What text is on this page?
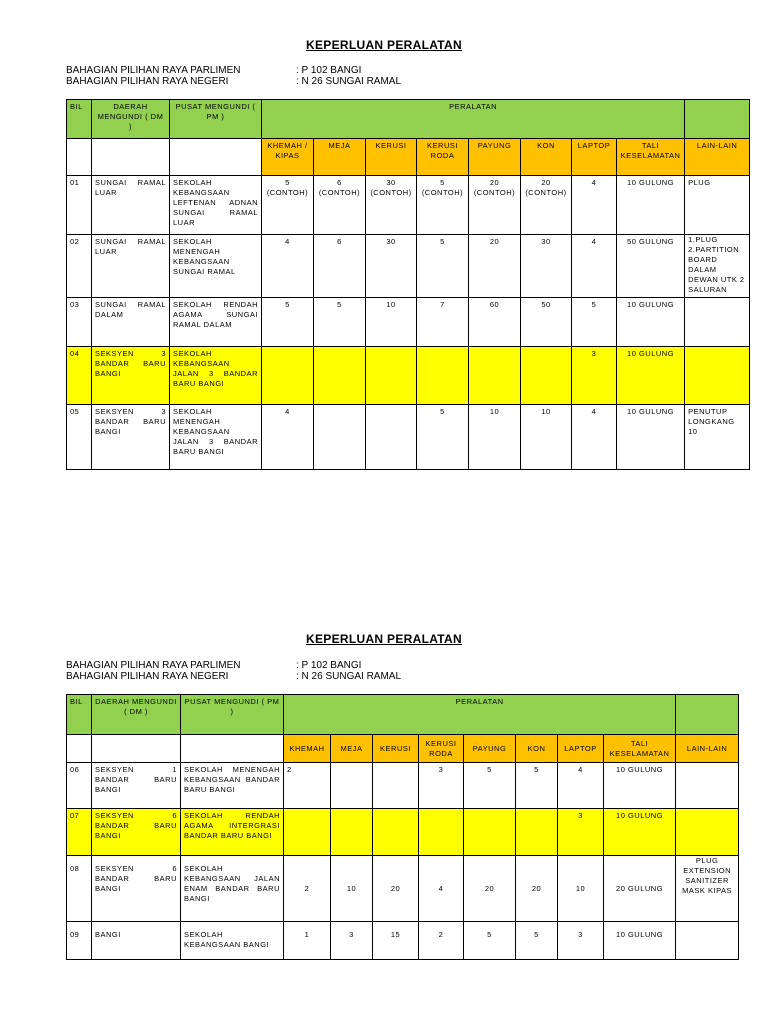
KEPERLUAN PERALATAN
BAHAGIAN PILIHAN RAYA PARLIMEN	: P 102 BANGI
BAHAGIAN PILIHAN RAYA NEGERI	: N 26 SUNGAI RAMAL
BIL	DAERAH MENGUNDI ( DM )	PUSAT MENGUNDI ( PM )	PERALATAN								
			KHEMAH / KIPAS	MEJA	KERUSI	KERUSI RODA	PAYUNG	KON	LAPTOP	TALI KESELAMATAN	LAIN-LAIN
01	SUNGAI RAMAL LUAR	SEKOLAH KEBANGSAAN LEFTENAN ADNAN SUNGAI RAMAL LUAR	5 (CONTOH)	6 (CONTOH)	30 (CONTOH)	5 (CONTOH)	20 (CONTOH)	20 (CONTOH)	4	10 GULUNG	PLUG
02	SUNGAI RAMAL LUAR	SEKOLAH MENENGAH KEBANGSAAN SUNGAI RAMAL	4	6	30	5	20	30	4	50 GULUNG	1.PLUG 2.PARTITION BOARD DALAM DEWAN UTK 2 SALURAN
03	SUNGAI RAMAL DALAM	SEKOLAH RENDAH AGAMA SUNGAI RAMAL DALAM	5	5	10	7	60	50	5	10 GULUNG	
04	SEKSYEN 3 BANDAR BARU BANGI	SEKOLAH KEBANGSAAN JALAN 3 BANDAR BARU BANGI							3	10 GULUNG	
05	SEKSYEN 3 BANDAR BARU BANGI	SEKOLAH MENENGAH KEBANGSAAN JALAN 3 BANDAR BARU BANGI	4			5	10	10	4	10 GULUNG	PENUTUP LONGKANG 10
KEPERLUAN PERALATAN
BAHAGIAN PILIHAN RAYA PARLIMEN	: P 102 BANGI
BAHAGIAN PILIHAN RAYA NEGERI	: N 26 SUNGAI RAMAL
BIL	DAERAH MENGUNDI ( DM )	PUSAT MENGUNDI ( PM )	PERALATAN								
			KHEMAH	MEJA	KERUSI	KERUSI RODA	PAYUNG	KON	LAPTOP	TALI KESELAMATAN	LAIN-LAIN
06	SEKSYEN 1 BANDAR BARU BANGI	SEKOLAH MENENGAH KEBANGSAAN BANDAR BARU BANGI	2			3	5	5	4	10 GULUNG	
07	SEKSYEN 6 BANDAR BARU BANGI	SEKOLAH RENDAH AGAMA INTERGRASI BANDAR BARU BANGI							3	10 GULUNG	
08	SEKSYEN 6 BANDAR BARU BANGI	SEKOLAH KEBANGSAAN JALAN ENAM BANDAR BARU BANGI	2	10	20	4	20	20	10	20 GULUNG	PLUG EXTENSION SANITIZER MASK KIPAS
09	BANGI	SEKOLAH KEBANGSAAN BANGI	1	3	15	2	5	5	3	10 GULUNG	
